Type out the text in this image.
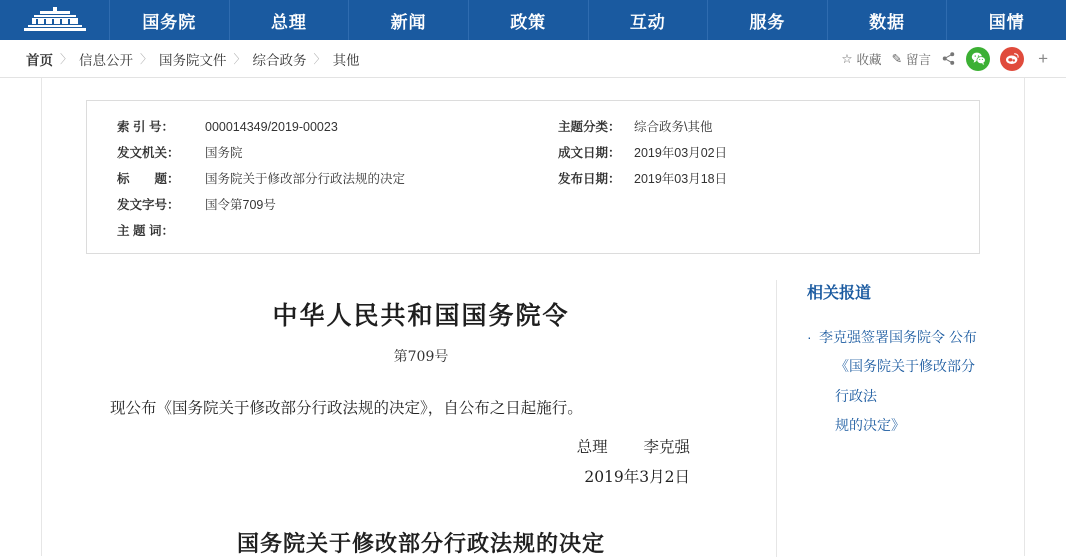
国务院	总理	新闻	政策	互动	服务	数据	国情
首页 〉 信息公开 〉 国务院文件 〉 综合政务 〉 其他	☆ 收藏 ✎ 留言	+
索 引 号：	000014349/2019-00023
发文机关：	国务院
标　　题：	国务院关于修改部分行政法规的决定
发文字号：	国令第709号
主 题 词：
主题分类： 综合政务\其他
成文日期： 2019年03月02日
发布日期： 2019年03月18日
中华人民共和国国务院令
第709号
现公布《国务院关于修改部分行政法规的决定》，自公布之日起施行。
总理 李克强
2019年3月2日
国务院关于修改部分行政法规的决定
相关报道
· 李克强签署国务院令 公布
《国务院关于修改部分行政法
规的决定》
